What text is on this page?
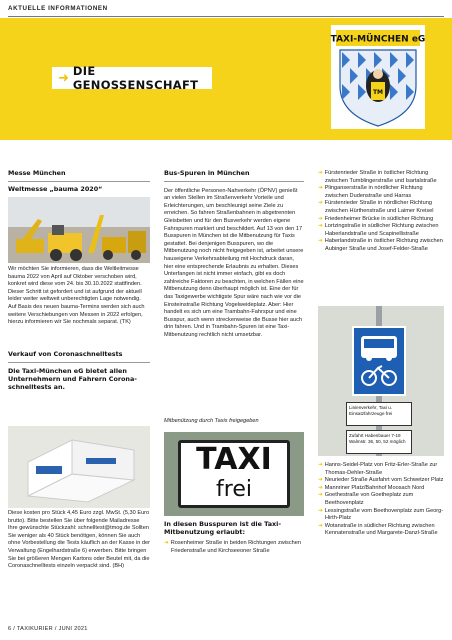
AKTUELLE INFORMATIONEN
➜ DIE GENOSSENSCHAFT
TAXI-MÜNCHEN eG
TM
Messe München
Weltmesse „bauma 2020“
Wir möchten Sie informieren, dass die Weltleitmesse bauma 2022 von April auf Oktober verschoben wird, konkret wird diese vom 24. bis 30.10.2022 stattfinden. Dieser Schritt ist gefordert und ist aufgrund der aktuell leider weiter weltweit unberechtigten Lage notwendig. Auf Basis des neuen bauma-Termins werden sich auch weitere Verschiebungen von Messen in 2022 erfolgen, hierzu informieren wir Sie nochmals separat. (TK)
Verkauf von Coronaschnelltests
Die Taxi-München eG bietet allen Unternehmern und Fahrern Coronaschnelltests an.
Diese kosten pro Stück 4,45 Euro zzgl. MwSt. (5,30 Euro brutto). Bitte bestellen Sie über folgende Mailadresse Ihre gewünschte Stückzahl: schnelltest@tmog.de Sollten Sie weniger als 40 Stück benötigen, können Sie auch ohne Vorbestellung die Tests käuflich an der Kasse in der Verwaltung (Engelhardstraße 6) erwerben. Bitte bringen Sie bei größeren Mengen Kartons oder Beutel mit, da die Coronaschnelltests einzeln verpackt sind. (BH)
Bus-Spuren in München
Der öffentliche Personen-Nahverkehr (ÖPNV) genießt an vielen Stellen im Straßenverkehr Vorteile und Erleichterungen, um beschleunigt seine Ziele zu erreichen. So fahren Straßenbahnen in abgetrennten Gleisbetten und für den Busverkehr werden eigene Fahrspuren markiert und beschildert. Auf 13 von den 17 Busspuren in München ist die Mitbenutzung für Taxis gestattet. Bei denjenigen Busspuren, wo die Mitbenutzung noch nicht freigegeben ist, arbeitet unsere hauseigene Verkehrsabteilung mit Hochdruck daran, hier eine entsprechende Erlaubnis zu erhalten. Dieses Unterfangen ist nicht immer einfach, gibt es doch zahlreiche Faktoren zu beachten, in welchen Fällen eine Mitbenutzung denn überhaupt möglich ist. Eine der für das Taxigewerbe wichtigste Spur wäre nach wie vor die Einsteinstraße Richtung Vogelweideplatz. Aber: Hier handelt es sich um eine Trambahn-Fahrspur und eine Busspur, auch wenn streckenweise die Busse hier auch drin fahren. Und in Trambahn-Spuren ist eine Taxi-Mitbenutzung rechtlich nicht umsetzbar.
Mitbenützung durch Taxis freigegeben
TAXI
frei
In diesen Busspuren ist die Taxi-Mitbenutzung erlaubt:
➜ Rosenheimer Straße in beiden Richtungen zwischen Friedenstraße und Kirchseeoner Straße
➜ Fürstenrieder Straße in östlicher Richtung zwischen Tumblingerstraße und Isartalstraße
➜ Plinganserstraße in nördlicher Richtung zwischen Dudenstraße und Harras
➜ Fürstenrieder Straße in nördlicher Richtung zwischen Hürthenstraße und Laimer Kreisel
➜ Friedenheimer Brücke in südlicher Richtung
➜ Lortzingstraße in südlicher Richtung zwischen Haberlandstraße und Scapinellistraße
➜ Haberlandstraße in östlicher Richtung zwischen Aubinger Straße und Josef-Felder-Straße
Linienverkehr, Taxi u. Einsatzfahrzeuge frei
Zufahrt Habenbauer 7-19 Walmstr. 36, 50, 52 möglich
➜ Hanns-Seidel-Platz von Fritz-Erler-Straße zur Thomas-Dehler-Straße
➜ Neurieder Straße Ausfahrt vom Schwetzer Platz
➜ Mannriner Platz/Bahnhof Moosach Nord
➜ Goethestraße von Goetheplatz zum Beethovenplatz
➜ Lessingstraße vom Beethovenplatz zum Georg-Hirth-Platz
➜ Wotanstraße in südlicher Richtung zwischen Kennatenstraße und Margarete-Danzl-Straße
6 / TAXIKURIER / JUNI 2021
